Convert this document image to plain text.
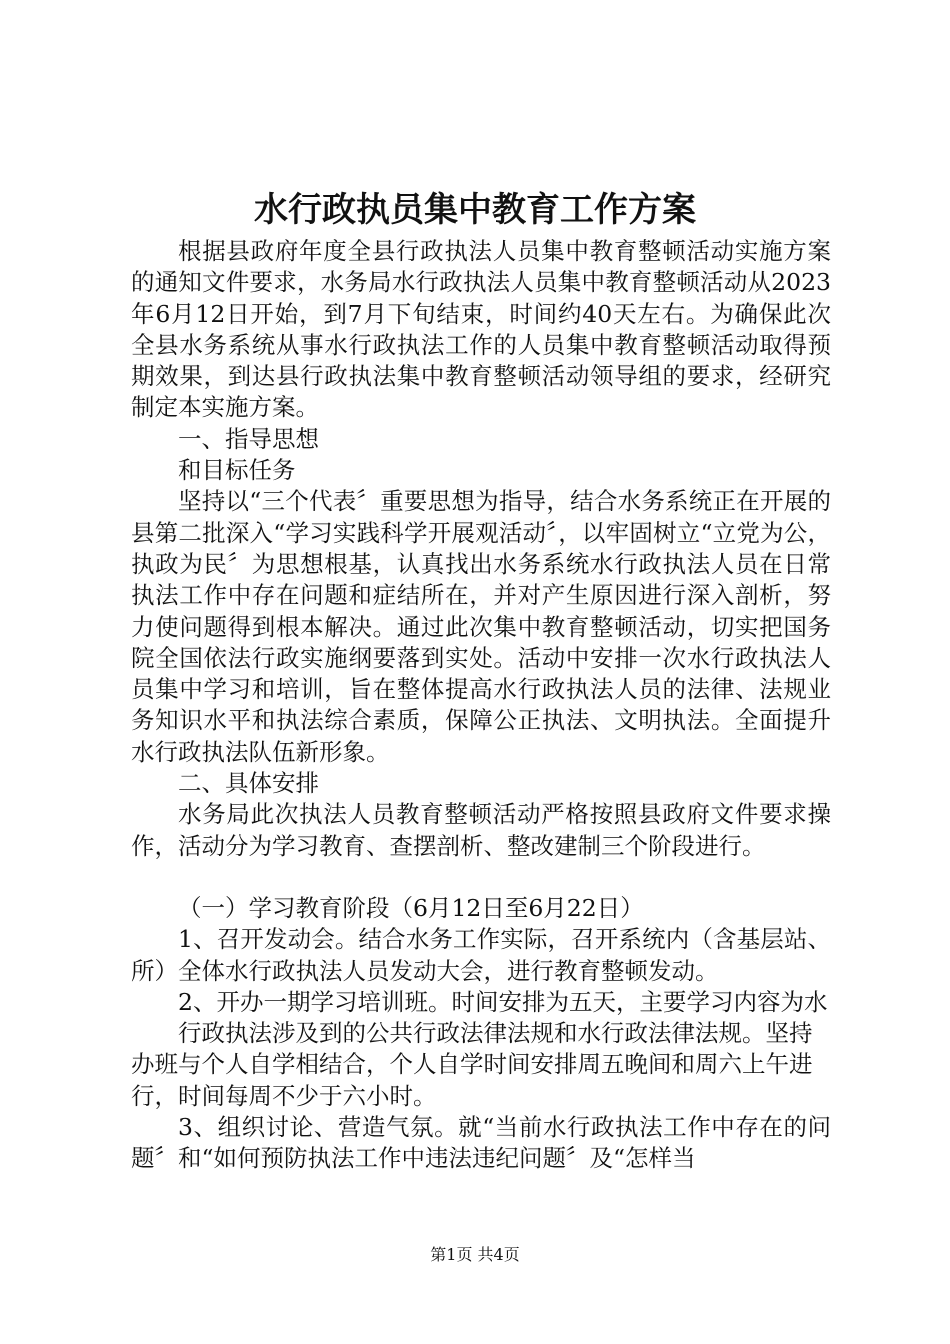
水行政执员集中教育工作方案

根据县政府年度全县行政执法人员集中教育整顿活动实施方案的通知文件要求，水务局水行政执法人员集中教育整顿活动从2023年6月12日开始，到7月下旬结束，时间约40天左右。为确保此次全县水务系统从事水行政执法工作的人员集中教育整顿活动取得预期效果，到达县行政执法集中教育整顿活动领导组的要求，经研究制定本实施方案。

一、指导思想

和目标任务

坚持以“三个代表〞重要思想为指导，结合水务系统正在开展的县第二批深入“学习实践科学开展观活动〞，以牢固树立“立党为公，执政为民〞为思想根基，认真找出水务系统水行政执法人员在日常执法工作中存在问题和症结所在，并对产生原因进行深入剖析，努力使问题得到根本解决。通过此次集中教育整顿活动，切实把国务院全国依法行政实施纲要落到实处。活动中安排一次水行政执法人员集中学习和培训，旨在整体提高水行政执法人员的法律、法规业务知识水平和执法综合素质，保障公正执法、文明执法。全面提升水行政执法队伍新形象。

二、具体安排

水务局此次执法人员教育整顿活动严格按照县政府文件要求操作，活动分为学习教育、查摆剖析、整改建制三个阶段进行。

（一）学习教育阶段（6月12日至6月22日）

1、召开发动会。结合水务工作实际，召开系统内（含基层站、所）全体水行政执法人员发动大会，进行教育整顿发动。

2、开办一期学习培训班。时间安排为五天，主要学习内容为水

行政执法涉及到的公共行政法律法规和水行政法律法规。坚持办班与个人自学相结合，个人自学时间安排周五晚间和周六上午进行，时间每周不少于六小时。

3、组织讨论、营造气氛。就“当前水行政执法工作中存在的问题〞和“如何预防执法工作中违法违纪问题〞及“怎样当

第1页 共4页
